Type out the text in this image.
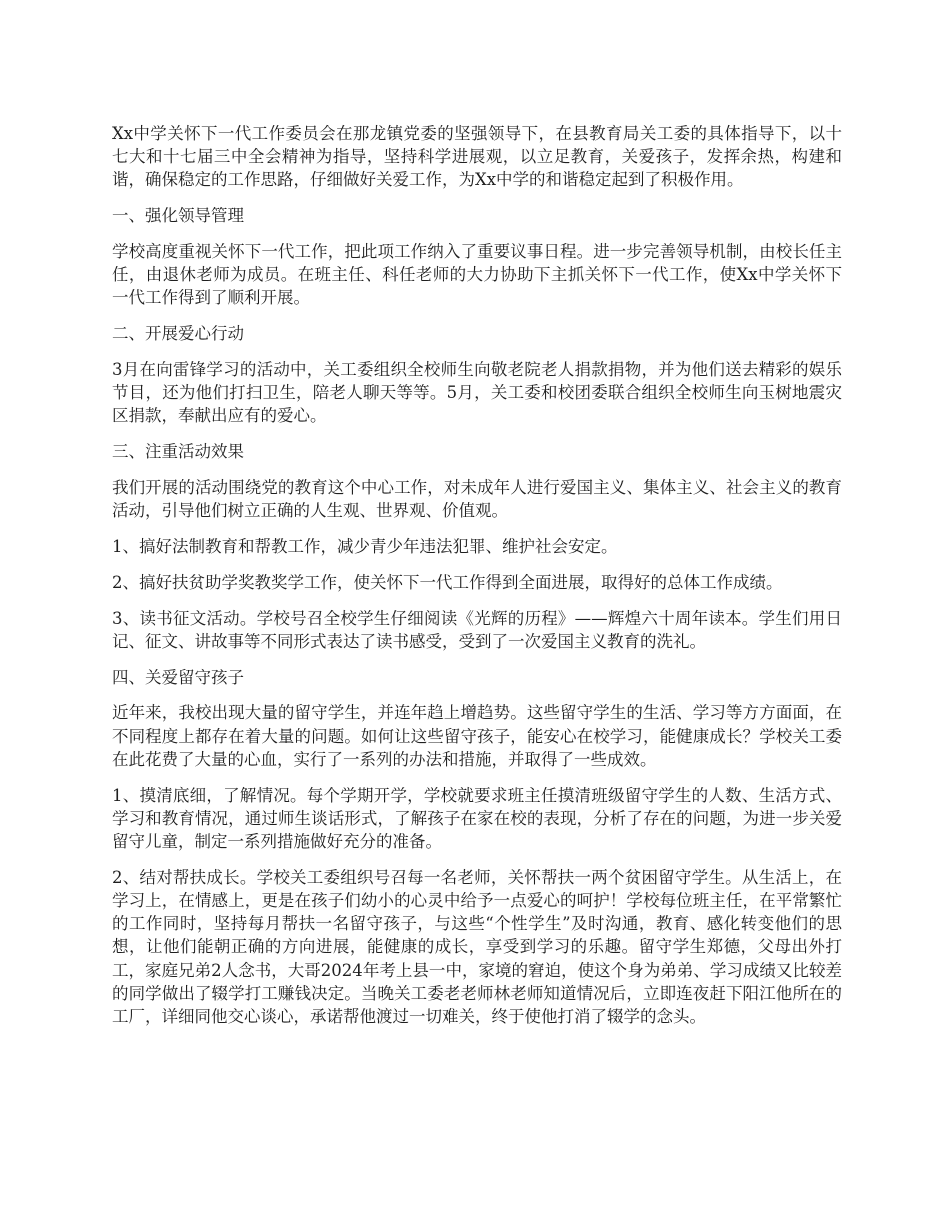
Xx中学关怀下一代工作委员会在那龙镇党委的坚强领导下，在县教育局关工委的具体指导下，以十七大和十七届三中全会精神为指导，坚持科学进展观，以立足教育，关爱孩子，发挥余热，构建和谐，确保稳定的工作思路，仔细做好关爱工作，为Xx中学的和谐稳定起到了积极作用。

一、强化领导管理

学校高度重视关怀下一代工作，把此项工作纳入了重要议事日程。进一步完善领导机制，由校长任主任，由退休老师为成员。在班主任、科任老师的大力协助下主抓关怀下一代工作，使Xx中学关怀下一代工作得到了顺利开展。

二、开展爱心行动

3月在向雷锋学习的活动中，关工委组织全校师生向敬老院老人捐款捐物，并为他们送去精彩的娱乐节目，还为他们打扫卫生，陪老人聊天等等。5月，关工委和校团委联合组织全校师生向玉树地震灾区捐款，奉献出应有的爱心。

三、注重活动效果

我们开展的活动围绕党的教育这个中心工作，对未成年人进行爱国主义、集体主义、社会主义的教育活动，引导他们树立正确的人生观、世界观、价值观。

1、搞好法制教育和帮教工作，减少青少年违法犯罪、维护社会安定。

2、搞好扶贫助学奖教奖学工作，使关怀下一代工作得到全面进展，取得好的总体工作成绩。

3、读书征文活动。学校号召全校学生仔细阅读《光辉的历程》——辉煌六十周年读本。学生们用日记、征文、讲故事等不同形式表达了读书感受，受到了一次爱国主义教育的洗礼。

四、关爱留守孩子

近年来，我校出现大量的留守学生，并连年趋上增趋势。这些留守学生的生活、学习等方方面面，在不同程度上都存在着大量的问题。如何让这些留守孩子，能安心在校学习，能健康成长？学校关工委在此花费了大量的心血，实行了一系列的办法和措施，并取得了一些成效。

1、摸清底细，了解情况。每个学期开学，学校就要求班主任摸清班级留守学生的人数、生活方式、学习和教育情况，通过师生谈话形式，了解孩子在家在校的表现，分析了存在的问题，为进一步关爱留守儿童，制定一系列措施做好充分的准备。

2、结对帮扶成长。学校关工委组织号召每一名老师，关怀帮扶一两个贫困留守学生。从生活上，在学习上，在情感上，更是在孩子们幼小的心灵中给予一点爱心的呵护！学校每位班主任，在平常繁忙的工作同时，坚持每月帮扶一名留守孩子，与这些“个性学生”及时沟通，教育、感化转变他们的思想，让他们能朝正确的方向进展，能健康的成长，享受到学习的乐趣。留守学生郑德，父母出外打工，家庭兄弟2人念书，大哥2024年考上县一中，家境的窘迫，使这个身为弟弟、学习成绩又比较差的同学做出了辍学打工赚钱决定。当晚关工委老老师林老师知道情况后，立即连夜赶下阳江他所在的工厂，详细同他交心谈心，承诺帮他渡过一切难关，终于使他打消了辍学的念头。
